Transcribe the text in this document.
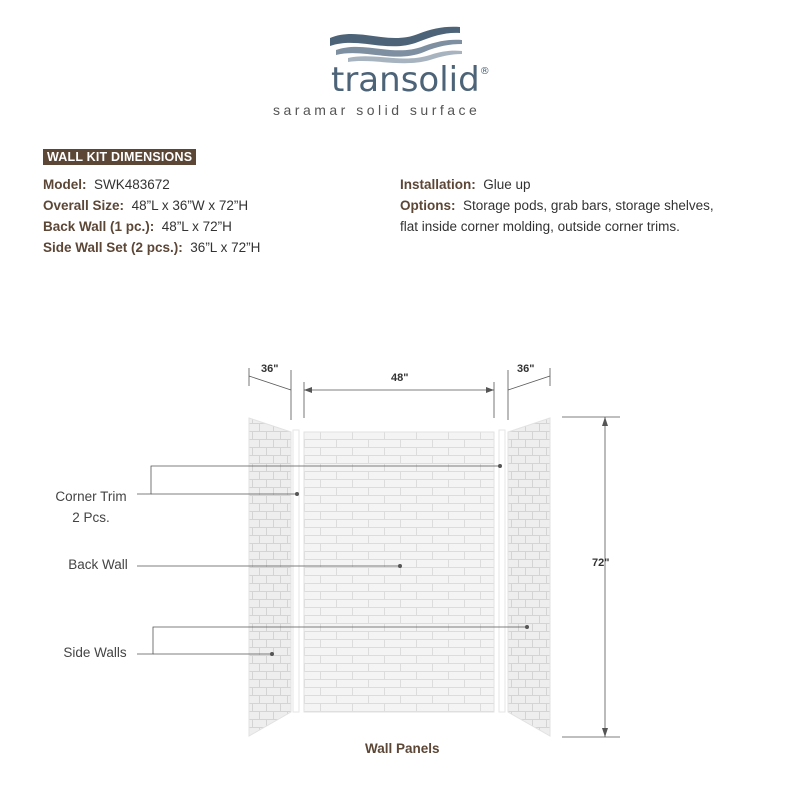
transolid®
saramar solid surface
WALL KIT DIMENSIONS
Model: SWK483672
Overall Size: 48”L x 36”W x 72”H
Back Wall (1 pc.): 48”L x 72”H
Side Wall Set (2 pcs.): 36”L x 72”H
Installation: Glue up
Options: Storage pods, grab bars, storage shelves, flat inside corner molding, outside corner trims.
36"
48"
36"
72"
Corner Trim
2 Pcs.
Back Wall
Side Walls
Wall Panels
